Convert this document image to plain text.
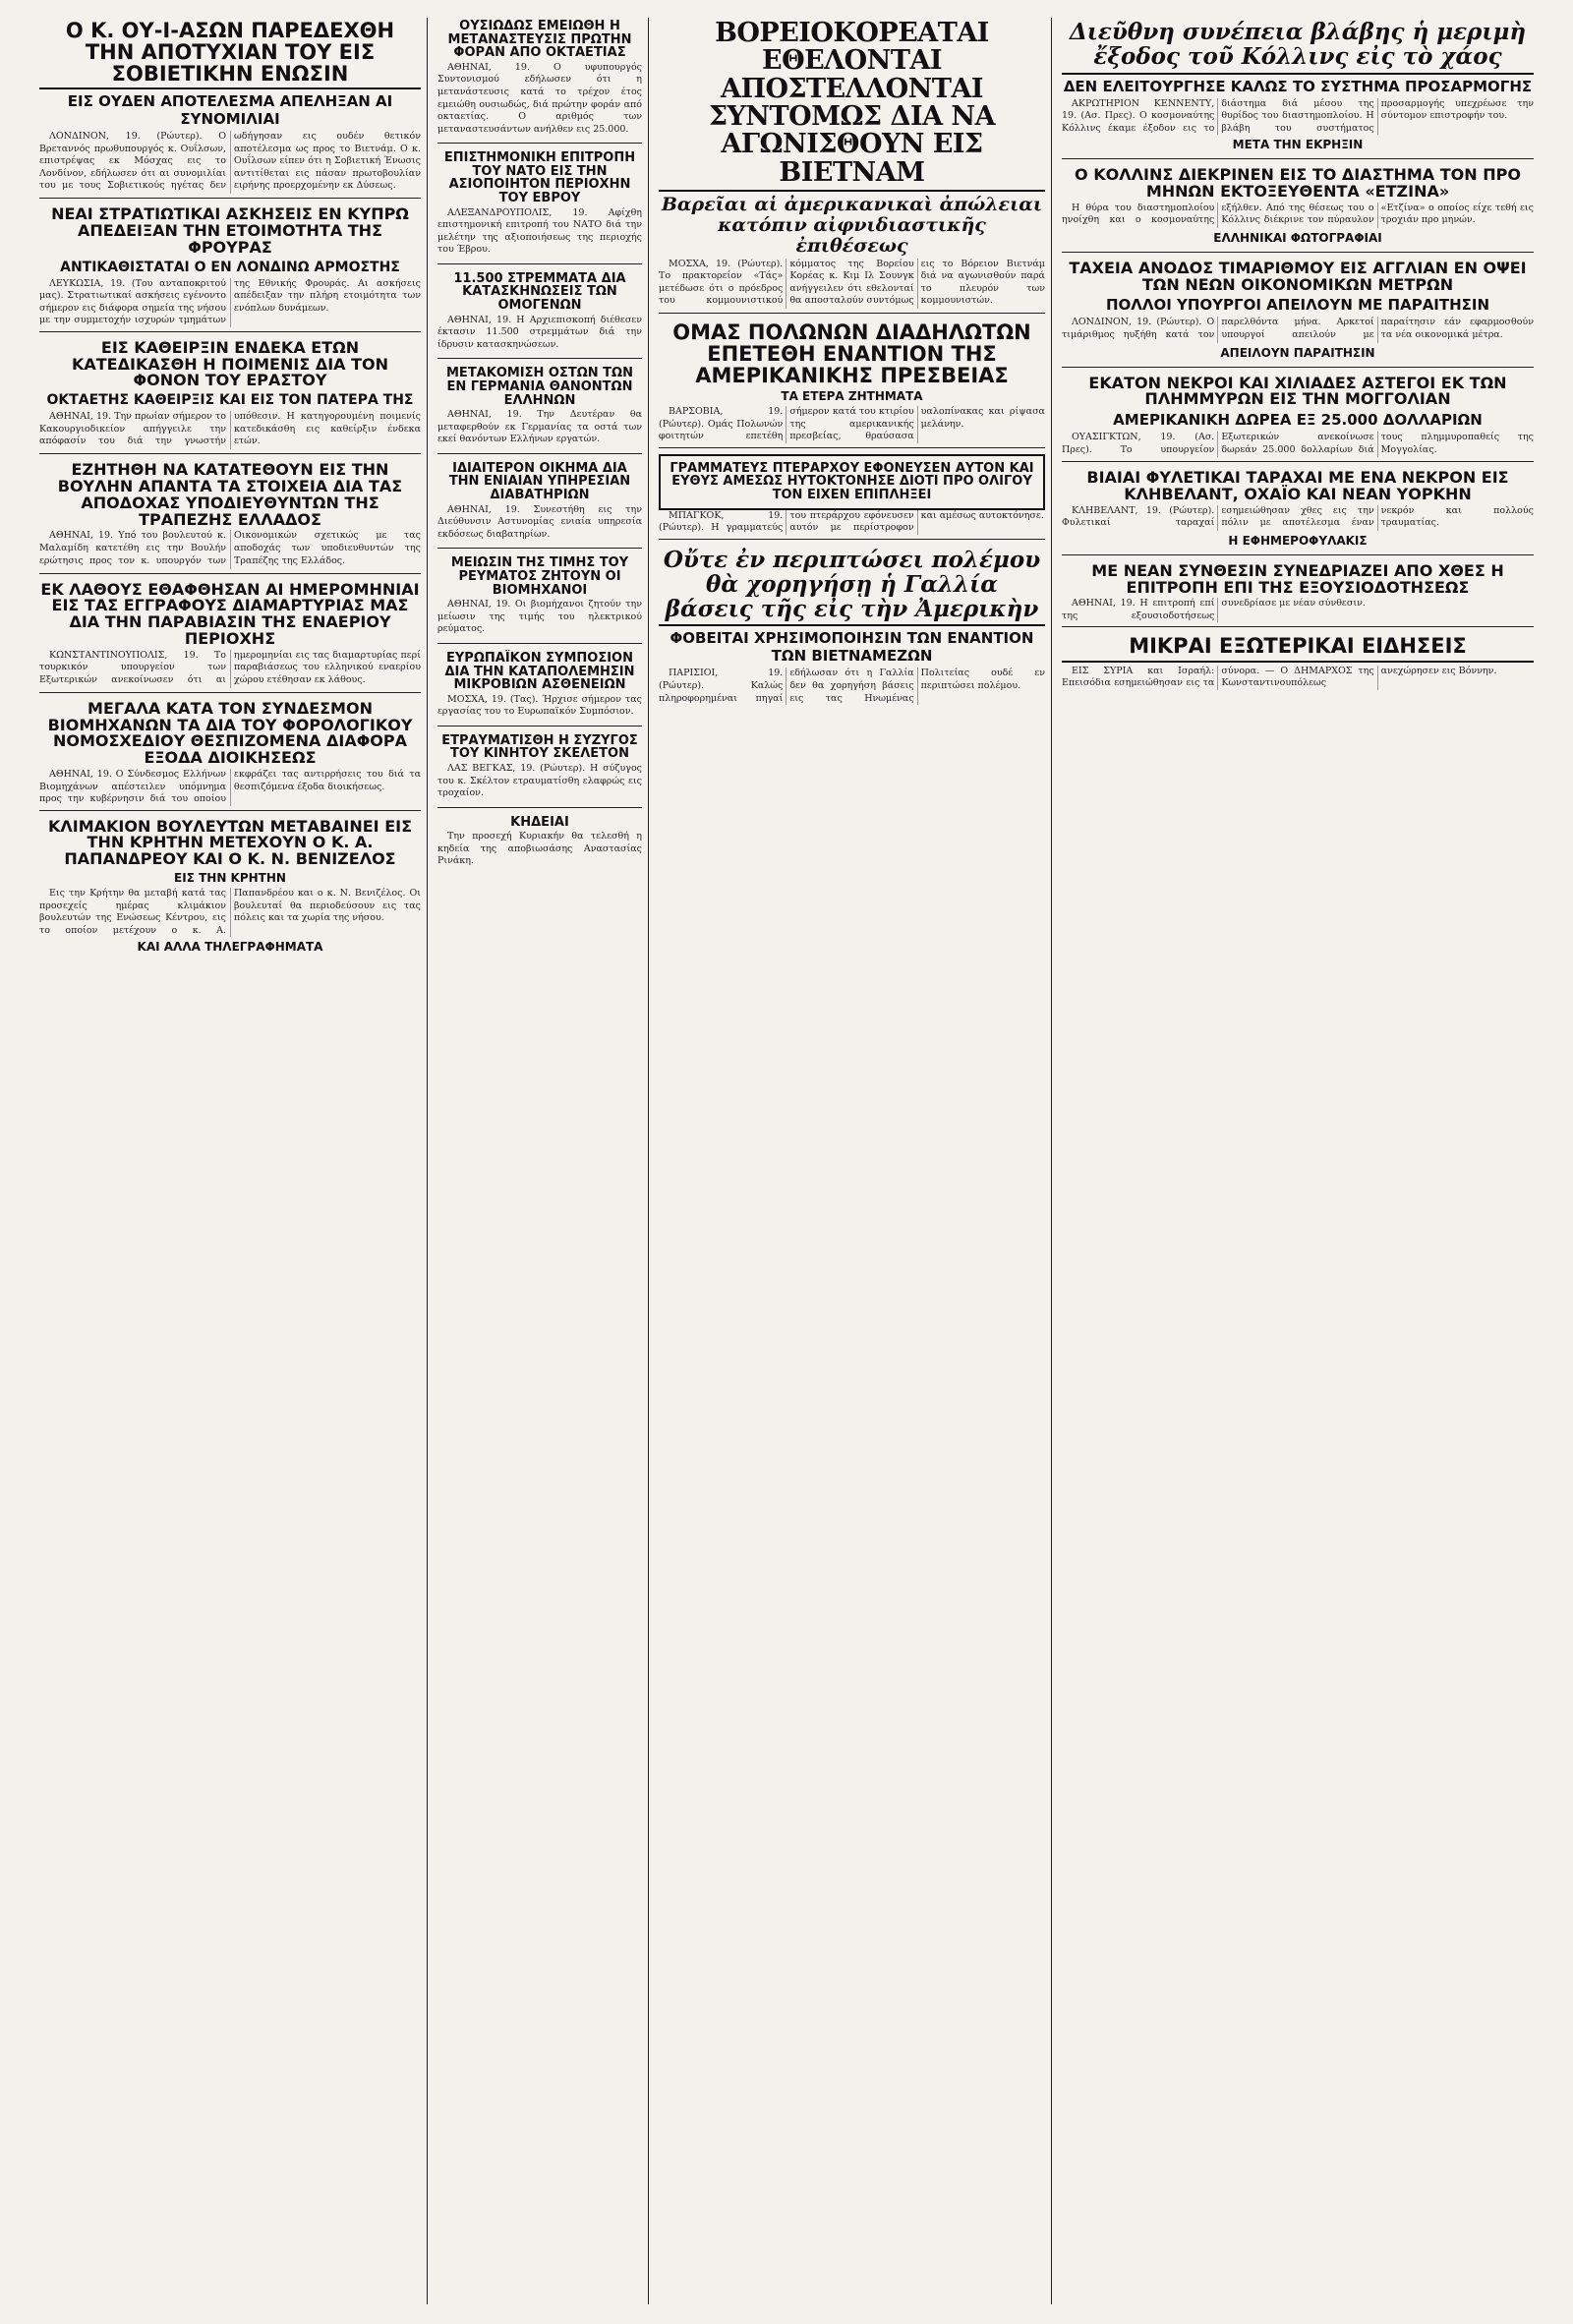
Ο Κ. ΟΥ-Ι-ΑΣΩΝ ΠΑΡΕΔΕΧΘΗ ΤΗΝ ΑΠΟΤΥΧΙΑΝ ΤΟΥ ΕΙΣ ΣΟΒΙΕΤΙΚΗΝ ΕΝΩΣΙΝ
ΕΙΣ ΟΥΔΕΝ ΑΠΟΤΕΛΕΣΜΑ ΑΠΕΛΗΞΑΝ ΑΙ ΣΥΝΟΜΙΛΙΑΙ

ΛΟΝΔΙΝΟΝ, 19. (Ρώυτερ). Ο Βρεταννός πρωθυπουργός κ. Ουΐλσων, επιστρέψας εκ Μόσχας εις το Λονδίνον, εδήλωσεν ότι αι συνομιλίαι του με τους Σοβιετικούς ηγέτας δεν ωδήγησαν εις ουδέν θετικόν αποτέλεσμα ως προς το Βιετνάμ. Ο κ. Ουΐλσων είπεν ότι η Σοβιετική Ένωσις αντιτίθεται εις πάσαν πρωτοβουλίαν ειρήνης προερχομένην εκ Δύσεως.

ΝΕΑΙ ΣΤΡΑΤΙΩΤΙΚΑΙ ΑΣΚΗΣΕΙΣ ΕΝ ΚΥΠΡΩ ΑΠΕΔΕΙΞΑΝ ΤΗΝ ΕΤΟΙΜΟΤΗΤΑ ΤΗΣ ΦΡΟΥΡΑΣ
ΑΝΤΙΚΑΘΙΣΤΑΤΑΙ Ο ΕΝ ΛΟΝΔΙΝΩ ΑΡΜΟΣΤΗΣ

ΛΕΥΚΩΣΙΑ, 19. (Του ανταποκριτού μας). Στρατιωτικαί ασκήσεις εγένοντο σήμερον εις διάφορα σημεία της νήσου με την συμμετοχήν ισχυρών τμημάτων της Εθνικής Φρουράς. Αι ασκήσεις απέδειξαν την πλήρη ετοιμότητα των ενόπλων δυνάμεων.

ΕΙΣ ΚΑΘΕΙΡΞΙΝ ΕΝΔΕΚΑ ΕΤΩΝ ΚΑΤΕΔΙΚΑΣΘΗ Η ΠΟΙΜΕΝΙΣ ΔΙΑ ΤΟΝ ΦΟΝΟΝ ΤΟΥ ΕΡΑΣΤΟΥ
ΟΚΤΑΕΤΗΣ ΚΑΘΕΙΡΞΙΣ ΚΑΙ ΕΙΣ ΤΟΝ ΠΑΤΕΡΑ ΤΗΣ

ΑΘΗΝΑΙ, 19. Την πρωίαν σήμερον το Κακουργιοδικείον απήγγειλε την απόφασίν του διά την γνωστήν υπόθεσιν. Η κατηγορουμένη ποιμενίς κατεδικάσθη εις καθείρξιν ένδεκα ετών.

ΕΖΗΤΗΘΗ ΝΑ ΚΑΤΑΤΕΘΟΥΝ ΕΙΣ ΤΗΝ ΒΟΥΛΗΝ ΑΠΑΝΤΑ ΤΑ ΣΤΟΙΧΕΙΑ ΔΙΑ ΤΑΣ ΑΠΟΔΟΧΑΣ ΥΠΟΔΙΕΥΘΥΝΤΩΝ ΤΗΣ ΤΡΑΠΕΖΗΣ ΕΛΛΑΔΟΣ

ΑΘΗΝΑΙ, 19. Υπό του βουλευτού κ. Μαλαμίδη κατετέθη εις την Βουλήν ερώτησις προς τον κ. υπουργόν των Οικονομικών σχετικώς με τας αποδοχάς των υποδιευθυντών της Τραπέζης της Ελλάδος.

ΕΚ ΛΑΘΟΥΣ ΕΘΑΦΘΗΣΑΝ ΑΙ ΗΜΕΡΟΜΗΝΙΑΙ ΕΙΣ ΤΑΣ ΕΓΓΡΑΦΟΥΣ ΔΙΑΜΑΡΤΥΡΙΑΣ ΜΑΣ ΔΙΑ ΤΗΝ ΠΑΡΑΒΙΑΣΙΝ ΤΗΣ ΕΝΑΕΡΙΟΥ ΠΕΡΙΟΧΗΣ

ΚΩΝΣΤΑΝΤΙΝΟΥΠΟΛΙΣ, 19. Το τουρκικόν υπουργείον των Εξωτερικών ανεκοίνωσεν ότι αι ημερομηνίαι εις τας διαμαρτυρίας περί παραβιάσεως του ελληνικού εναερίου χώρου ετέθησαν εκ λάθους.

ΜΕΓΑΛΑ ΚΑΤΑ ΤΟΝ ΣΥΝΔΕΣΜΟΝ ΒΙΟΜΗΧΑΝΩΝ ΤΑ ΔΙΑ ΤΟΥ ΦΟΡΟΛΟΓΙΚΟΥ ΝΟΜΟΣΧΕΔΙΟΥ ΘΕΣΠΙΖΟΜΕΝΑ ΔΙΑΦΟΡΑ ΕΞΟΔΑ ΔΙΟΙΚΗΣΕΩΣ

ΑΘΗΝΑΙ, 19. Ο Σύνδεσμος Ελλήνων Βιομηχάνων απέστειλεν υπόμνημα προς την κυβέρνησιν διά του οποίου εκφράζει τας αντιρρήσεις του διά τα θεσπιζόμενα έξοδα διοικήσεως.

ΚΛΙΜΑΚΙΟΝ ΒΟΥΛΕΥΤΩΝ ΜΕΤΑΒΑΙΝΕΙ ΕΙΣ ΤΗΝ ΚΡΗΤΗΝ ΜΕΤΕΧΟΥΝ Ο Κ. Α. ΠΑΠΑΝΔΡΕΟΥ ΚΑΙ Ο Κ. Ν. ΒΕΝΙΖΕΛΟΣ
ΕΙΣ ΤΗΝ ΚΡΗΤΗΝ

Εις την Κρήτην θα μεταβή κατά τας προσεχείς ημέρας κλιμάκιον βουλευτών της Ενώσεως Κέντρου, εις το οποίον μετέχουν ο κ. Α. Παπανδρέου και ο κ. Ν. Βενιζέλος. Οι βουλευταί θα περιοδεύσουν εις τας πόλεις και τα χωρία της νήσου.

ΚΑΙ ΑΛΛΑ ΤΗΛΕΓΡΑΦΗΜΑΤΑ
ΟΥΣΙΩΔΩΣ ΕΜΕΙΩΘΗ Η ΜΕΤΑΝΑΣΤΕΥΣΙΣ ΠΡΩΤΗΝ ΦΟΡΑΝ ΑΠΟ ΟΚΤΑΕΤΙΑΣ

ΑΘΗΝΑΙ, 19. Ο υφυπουργός Συντονισμού εδήλωσεν ότι η μετανάστευσις κατά το τρέχον έτος εμειώθη ουσιωδώς, διά πρώτην φοράν από οκταετίας. Ο αριθμός των μεταναστευσάντων ανήλθεν εις 25.000.

ΕΠΙΣΤΗΜΟΝΙΚΗ ΕΠΙΤΡΟΠΗ ΤΟΥ ΝΑΤΟ ΕΙΣ ΤΗΝ ΑΣΙΟΠΟΙΗΤΟΝ ΠΕΡΙΟΧΗΝ ΤΟΥ ΕΒΡΟΥ

ΑΛΕΞΑΝΔΡΟΥΠΟΛΙΣ, 19. Αφίχθη επιστημονική επιτροπή του ΝΑΤΟ διά την μελέτην της αξιοποιήσεως της περιοχής του Έβρου.

11.500 ΣΤΡΕΜΜΑΤΑ ΔΙΑ ΚΑΤΑΣΚΗΝΩΣΕΙΣ ΤΩΝ ΟΜΟΓΕΝΩΝ

ΑΘΗΝΑΙ, 19. Η Αρχιεπισκοπή διέθεσεν έκτασιν 11.500 στρεμμάτων διά την ίδρυσιν κατασκηνώσεων.

ΜΕΤΑΚΟΜΙΣΗ ΟΣΤΩΝ ΤΩΝ ΕΝ ΓΕΡΜΑΝΙΑ ΘΑΝΟΝΤΩΝ ΕΛΛΗΝΩΝ

ΑΘΗΝΑΙ, 19. Την Δευτέραν θα μεταφερθούν εκ Γερμανίας τα οστά των εκεί θανόντων Ελλήνων εργατών.

ΙΔΙΑΙΤΕΡΟΝ ΟΙΚΗΜΑ ΔΙΑ ΤΗΝ ΕΝΙΑΙΑΝ ΥΠΗΡΕΣΙΑΝ ΔΙΑΒΑΤΗΡΙΩΝ

ΑΘΗΝΑΙ, 19. Συνεστήθη εις την Διεύθυνσιν Αστυνομίας ενιαία υπηρεσία εκδόσεως διαβατηρίων.

ΜΕΙΩΣΙΝ ΤΗΣ ΤΙΜΗΣ ΤΟΥ ΡΕΥΜΑΤΟΣ ΖΗΤΟΥΝ ΟΙ ΒΙΟΜΗΧΑΝΟΙ

ΑΘΗΝΑΙ, 19. Οι βιομήχανοι ζητούν την μείωσιν της τιμής του ηλεκτρικού ρεύματος.

ΕΥΡΩΠΑΪΚΟΝ ΣΥΜΠΟΣΙΟΝ ΔΙΑ ΤΗΝ ΚΑΤΑΠΟΛΕΜΗΣΙΝ ΜΙΚΡΟΒΙΩΝ ΑΣΘΕΝΕΙΩΝ

ΜΟΣΧΑ, 19. (Τας). Ήρχισε σήμερον τας εργασίας του το Ευρωπαϊκόν Συμπόσιον.

ΕΤΡΑΥΜΑΤΙΣΘΗ Η ΣΥΖΥΓΟΣ ΤΟΥ ΚΙΝΗΤΟΥ ΣΚΕΛΕΤΟΝ

ΛΑΣ ΒΕΓΚΑΣ, 19. (Ρώυτερ). Η σύζυγος του κ. Σκέλτον ετραυματίσθη ελαφρώς εις τροχαίον.

ΚΗΔΕΙΑΙ

Την προσεχή Κυριακήν θα τελεσθή η κηδεία της αποβιωσάσης Αναστασίας Ρινάκη.

ΒΟΡΕΙΟΚΟΡΕΑΤΑΙ ΕΘΕΛΟΝΤΑΙ ΑΠΟΣΤΕΛΛΟΝΤΑΙ ΣΥΝΤΟΜΩΣ ΔΙΑ ΝΑ ΑΓΩΝΙΣΘΟΥΝ ΕΙΣ ΒΙΕΤΝΑΜ
Βαρεῖαι αἱ ἀμερικανικαὶ ἀπώλειαι κατόπιν αἰφνιδιαστικῆς ἐπιθέσεως

ΜΟΣΧΑ, 19. (Ρώυτερ). Το πρακτορείον «Τάς» μετέδωσε ότι ο πρόεδρος του κομμουνιστικού κόμματος της Βορείου Κορέας κ. Κιμ Ιλ Σουνγκ ανήγγειλεν ότι εθελονταί θα αποσταλούν συντόμως εις το Βόρειον Βιετνάμ διά να αγωνισθούν παρά το πλευρόν των κομμουνιστών.

ΟΜΑΣ ΠΟΛΩΝΩΝ ΔΙΑΔΗΛΩΤΩΝ ΕΠΕΤΕΘΗ ΕΝΑΝΤΙΟΝ ΤΗΣ ΑΜΕΡΙΚΑΝΙΚΗΣ ΠΡΕΣΒΕΙΑΣ
ΤΑ ΕΤΕΡΑ ΖΗΤΗΜΑΤΑ

ΒΑΡΣΟΒΙΑ, 19. (Ρώυτερ). Ομάς Πολωνών φοιτητών επετέθη σήμερον κατά του κτιρίου της αμερικανικής πρεσβείας, θραύσασα υαλοπίνακας και ρίψασα μελάνην.

ΓΡΑΜΜΑΤΕΥΣ ΠΤΕΡΑΡΧΟΥ ΕΦΟΝΕΥΣΕΝ ΑΥΤΟΝ ΚΑΙ ΕΥΘΥΣ ΑΜΕΣΩΣ ΗΥΤΟΚΤΟΝΗΣΕ ΔΙΟΤΙ ΠΡΟ ΟΛΙΓΟΥ ΤΟΝ ΕΙΧΕΝ ΕΠΙΠΛΗΞΕΙ

ΜΠΑΓΚΟΚ, 19. (Ρώυτερ). Η γραμματεύς του πτεράρχου εφόνευσεν αυτόν με περίστροφον και αμέσως αυτοκτόνησε.

Οὔτε ἐν περιπτώσει πολέμου θὰ χορηγήσῃ ἡ Γαλλία βάσεις τῆς εἰς τὴν Ἀμερικὴν
ΦΟΒΕΙΤΑΙ ΧΡΗΣΙΜΟΠΟΙΗΣΙΝ ΤΩΝ ΕΝΑΝΤΙΟΝ ΤΩΝ ΒΙΕΤΝΑΜΕΖΩΝ

ΠΑΡΙΣΙΟΙ, 19. (Ρώυτερ). Καλώς πληροφορημέναι πηγαί εδήλωσαν ότι η Γαλλία δεν θα χορηγήση βάσεις εις τας Ηνωμένας Πολιτείας ουδέ εν περιπτώσει πολέμου.

Διεῦθνη συνέπεια βλάβης ἡ μεριμὴ ἔξοδος τοῦ Κόλλινς εἰς τὸ χάος
ΔΕΝ ΕΛΕΙΤΟΥΡΓΗΣΕ ΚΑΛΩΣ ΤΟ ΣΥΣΤΗΜΑ ΠΡΟΣΑΡΜΟΓΗΣ

ΑΚΡΩΤΗΡΙΟΝ ΚΕΝΝΕΝΤΥ, 19. (Ασ. Πρες). Ο κοσμοναύτης Κόλλινς έκαμε έξοδον εις το διάστημα διά μέσου της θυρίδος του διαστημοπλοίου. Η βλάβη του συστήματος προσαρμογής υπεχρέωσε την σύντομον επιστροφήν του.

ΜΕΤΑ ΤΗΝ ΕΚΡΗΞΙΝ
Ο ΚΟΛΛΙΝΣ ΔΙΕΚΡΙΝΕΝ ΕΙΣ ΤΟ ΔΙΑΣΤΗΜΑ ΤΟΝ ΠΡΟ ΜΗΝΩΝ ΕΚΤΟΞΕΥΘΕΝΤΑ «ΕΤΖΙΝΑ»

Η θύρα του διαστημοπλοίου ηνοίχθη και ο κοσμοναύτης εξήλθεν. Από της θέσεως του ο Κόλλινς διέκρινε τον πύραυλον «Ετζίνα» ο οποίος είχε τεθή εις τροχιάν προ μηνών.

ΕΛΛΗΝΙΚΑΙ ΦΩΤΟΓΡΑΦΙΑΙ
ΤΑΧΕΙΑ ΑΝΟΔΟΣ ΤΙΜΑΡΙΘΜΟΥ ΕΙΣ ΑΓΓΛΙΑΝ ΕΝ ΟΨΕΙ ΤΩΝ ΝΕΩΝ ΟΙΚΟΝΟΜΙΚΩΝ ΜΕΤΡΩΝ
ΠΟΛΛΟΙ ΥΠΟΥΡΓΟΙ ΑΠΕΙΛΟΥΝ ΜΕ ΠΑΡΑΙΤΗΣΙΝ

ΛΟΝΔΙΝΟΝ, 19. (Ρώυτερ). Ο τιμάριθμος ηυξήθη κατά τον παρελθόντα μήνα. Αρκετοί υπουργοί απειλούν με παραίτησιν εάν εφαρμοσθούν τα νέα οικονομικά μέτρα.

ΑΠΕΙΛΟΥΝ ΠΑΡΑΙΤΗΣΙΝ
ΕΚΑΤΟΝ ΝΕΚΡΟΙ ΚΑΙ ΧΙΛΙΑΔΕΣ ΑΣΤΕΓΟΙ ΕΚ ΤΩΝ ΠΛΗΜΜΥΡΩΝ ΕΙΣ ΤΗΝ ΜΟΓΓΟΛΙΑΝ
ΑΜΕΡΙΚΑΝΙΚΗ ΔΩΡΕΑ ΕΞ 25.000 ΔΟΛΛΑΡΙΩΝ

ΟΥΑΣΙΓΚΤΩΝ, 19. (Ασ. Πρες). Το υπουργείον Εξωτερικών ανεκοίνωσε δωρεάν 25.000 δολλαρίων διά τους πλημμυροπαθείς της Μογγολίας.

ΒΙΑΙΑΙ ΦΥΛΕΤΙΚΑΙ ΤΑΡΑΧΑΙ ΜΕ ΕΝΑ ΝΕΚΡΟΝ ΕΙΣ ΚΛΗΒΕΛΑΝΤ, ΟΧΑΪΟ ΚΑΙ ΝΕΑΝ ΥΟΡΚΗΝ

ΚΛΗΒΕΛΑΝΤ, 19. (Ρώυτερ). Φυλετικαί ταραχαί εσημειώθησαν χθες εις την πόλιν με αποτέλεσμα έναν νεκρόν και πολλούς τραυματίας.

Η ΕΦΗΜΕΡΟΦΥΛΑΚΙΣ
ΜΕ ΝΕΑΝ ΣΥΝΘΕΣΙΝ ΣΥΝΕΔΡΙΑΖΕΙ ΑΠΟ ΧΘΕΣ Η ΕΠΙΤΡΟΠΗ ΕΠΙ ΤΗΣ ΕΞΟΥΣΙΟΔΟΤΗΣΕΩΣ

ΑΘΗΝΑΙ, 19. Η επιτροπή επί της εξουσιοδοτήσεως συνεδρίασε με νέαν σύνθεσιν.

ΜΙΚΡΑΙ ΕΞΩΤΕΡΙΚΑΙ ΕΙΔΗΣΕΙΣ

ΕΙΣ ΣΥΡΙΑ και Ισραήλ: Επεισόδια εσημειώθησαν εις τα σύνορα. — Ο ΔΗΜΑΡΧΟΣ της Κωνσταντινουπόλεως ανεχώρησεν εις Βόννην.
